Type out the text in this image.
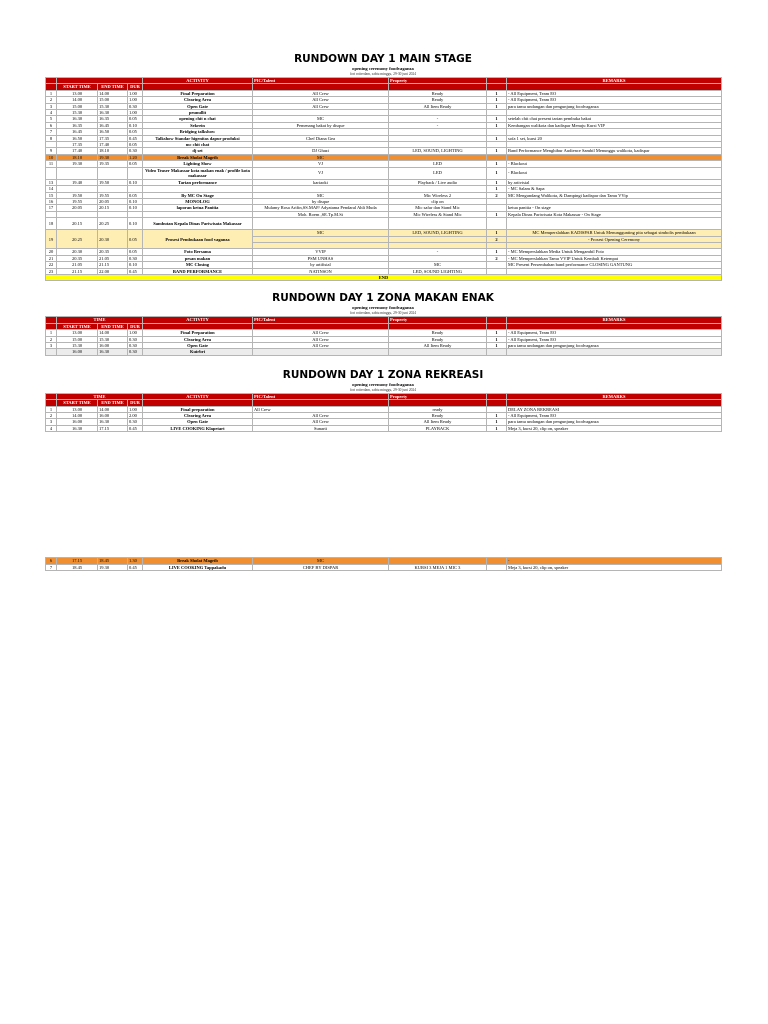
RUNDOWN DAY 1 MAIN STAGE
opening ceremony foodvaganza
fort rotterdam, sabtu minggu, 29-30 juni 2024
				ACTIVITY	PIC/Talent	Property		REMARKS
	START TIME	END TIME	DUR					
1	13.00	14.00	1.00	Final Preparation	All Crew	Ready	1	- All Equipment, Team EO
2	14.00	15.00	1.00	Clearing Area	All Crew	Ready	1	- All Equipment, Team EO
3	15.00	15.30	0.30	Open Gate	All Crew	All Item Ready	1	para tamu undangan dan pengunjung foodvaganza
4	15.30	16.30	1.00	peunullit				
5	16.30	16.35	0.05	opening chit n chat	MC	-	1	setelah chit chat present tarian pembuka bakat
6	16.35	16.45	0.10	Sekrein	Pemenang bakat by disque	-	1	Kembangan walikota dan kadispar Menuju Kursi VIP
7	16.45	16.50	0.05	Bridging talkshow				
8	16.50	17.35	0.45	Talkshow Standar higenitas dapur produksi	Chef Diana Gea		1	sofa 1 set, kursi 20
	17.35	17.40	0.05	mc chit chat				
9	17.40	18.10	0.30	dj set	DJ Ghazi	LED, SOUND, LIGHTING	1	Band Performance Menghibur Audience Sambil Menunggu walikota, kadispar
10	18.10	19.30	1.20	Break Sholat Magrib	MC			
11	19.30	19.35	0.05	Lighting Show	VJ	LED	1	- Blackout
				Video Teaser Makassar kota makan enak / profile kota makassar	VJ	LED	1	- Blackout
13	19.40	19.50	0.10	Tarian performance	kariaoki	Playback / Live audio	1	by artivisial
14							1	- MC Salam & Sapa
15	19.50	19.55	0.05	By MC On Stage	MC	Mic Wireless 2	2	MC Mengundang Walikota, & Dampingi kadispar dan Tamu VVip
16	19.55	20.05	0.10	MONOLOG	by disque	clip on		
17	20.05	20.15	0.10	laporan ketua Panitia	Mulamy Rosa Arifin,SS.MAP/ Adyatama Pendaral Ahli Muda	Mic safar dan Stand Mic		ketua panitia - On stage
					Moh. Roem ,SE.Tp.M.Si	Mic Wireless & Stand Mic	1	Kepala Dinas Pariwisata Kota Makassar - On Stage
18	20.15	20.25	0.10	Sambutan Kepala Dinas Pariwisata Makassar				
19	20.25	20.30	0.05	Prosesi Pembukaan food vaganza	MC	LED, SOUND, LIGHTING	1	MC Memperslahkan KADISPAR Untuk Menunggunting pita sebagai simbolis pembukaan
							2	- Prosesi Opening Ceremony

20	20.30	20.35	0.05	Foto Bersama	VVIP	-	1	- MC Memperslahkan Media Untuk Mengambil Foto
21	20.35	21.05	0.30	pesan makan	PSM UNHAS		2	- MC Memperslahkan Tamu VVIP Untuk Kembali Ketempat
22	21.05	21.15	0.10	MC Closing	by artifisial	MC		MC Present Persembahan band performance CLOSING GANTUNG
23	21.15	22.00	0.45	BAND PERFORMANCE	NATINSON	LED, SOUND LIGHTING		
END								
RUNDOWN DAY 1 ZONA MAKAN ENAK
opening ceremony foodvaganza
fort rotterdam, sabtu minggu, 29-30 juni 2024
	TIME			ACTIVITY	PIC/Talent	Property		REMARKS
	START TIME	END TIME	DUR					
1	13.00	14.00	1.00	Final Preparation	All Crew	Ready	1	- All Equipment, Team EO
2	15.00	15.30	0.30	Clearing Area	All Crew	Ready	1	- All Equipment, Team EO
3	15.30	16.00	0.30	Open Gate	All Crew	All Item Ready	1	para tamu undangan dan pengunjung foodvaganza
	16.00	16.30	0.30	Kuirbri				
RUNDOWN DAY 1 ZONA REKREASI
opening ceremony foodvaganza
fort rotterdam, sabtu minggu, 29-30 juni 2024
	TIME			ACTIVITY	PIC/Talent	Property		REMARKS
	START TIME	END TIME	DUR					
1	13.00	14.00	1.00	Final preparation	All Crew	ready		DELAY ZONA REKREASI
2	14.00	16.00	2.00	Clearing Area	All Crew	Ready	1	- All Equipment, Team EO
3	16.00	16.30	0.30	Open Gate	All Crew	All Item Ready	1	para tamu undangan dan pengunjung foodvaganza
4	16.30	17.15	0.45	LIVE COOKING Klapetart	Sunarti	PLAYBACK	1	Meja 3, kursi 20, clip on, speaker
6	17.15	18.45	1.30	Break Sholat Magrib	MC			-
7	18.45	19.30	0.45	LIVE COOKING Tappakadu	CHEF BY DISPAR	KURSI 3 MEJA 1 MIC 3		Meja 3, kursi 20, clip on, speaker
